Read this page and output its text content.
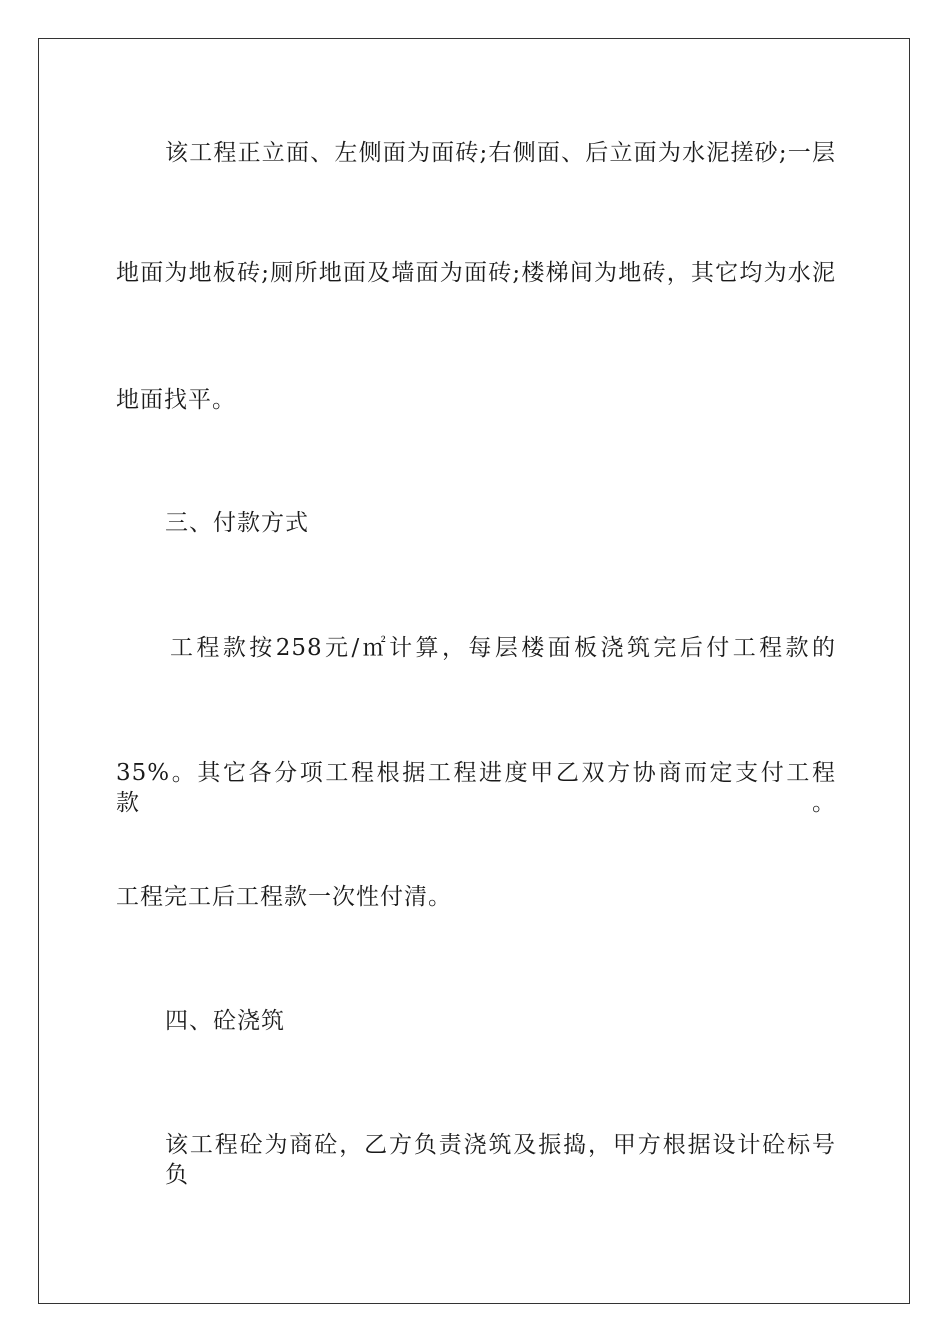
该工程正立面、左侧面为面砖;右侧面、后立面为水泥搓砂;一层
地面为地板砖;厕所地面及墙面为面砖;楼梯间为地砖，其它均为水泥
地面找平。
三、付款方式
工程款按258元/㎡计算，每层楼面板浇筑完后付工程款的
35%。其它各分项工程根据工程进度甲乙双方协商而定支付工程款。
工程完工后工程款一次性付清。
四、砼浇筑
该工程砼为商砼，乙方负责浇筑及振捣，甲方根据设计砼标号负
